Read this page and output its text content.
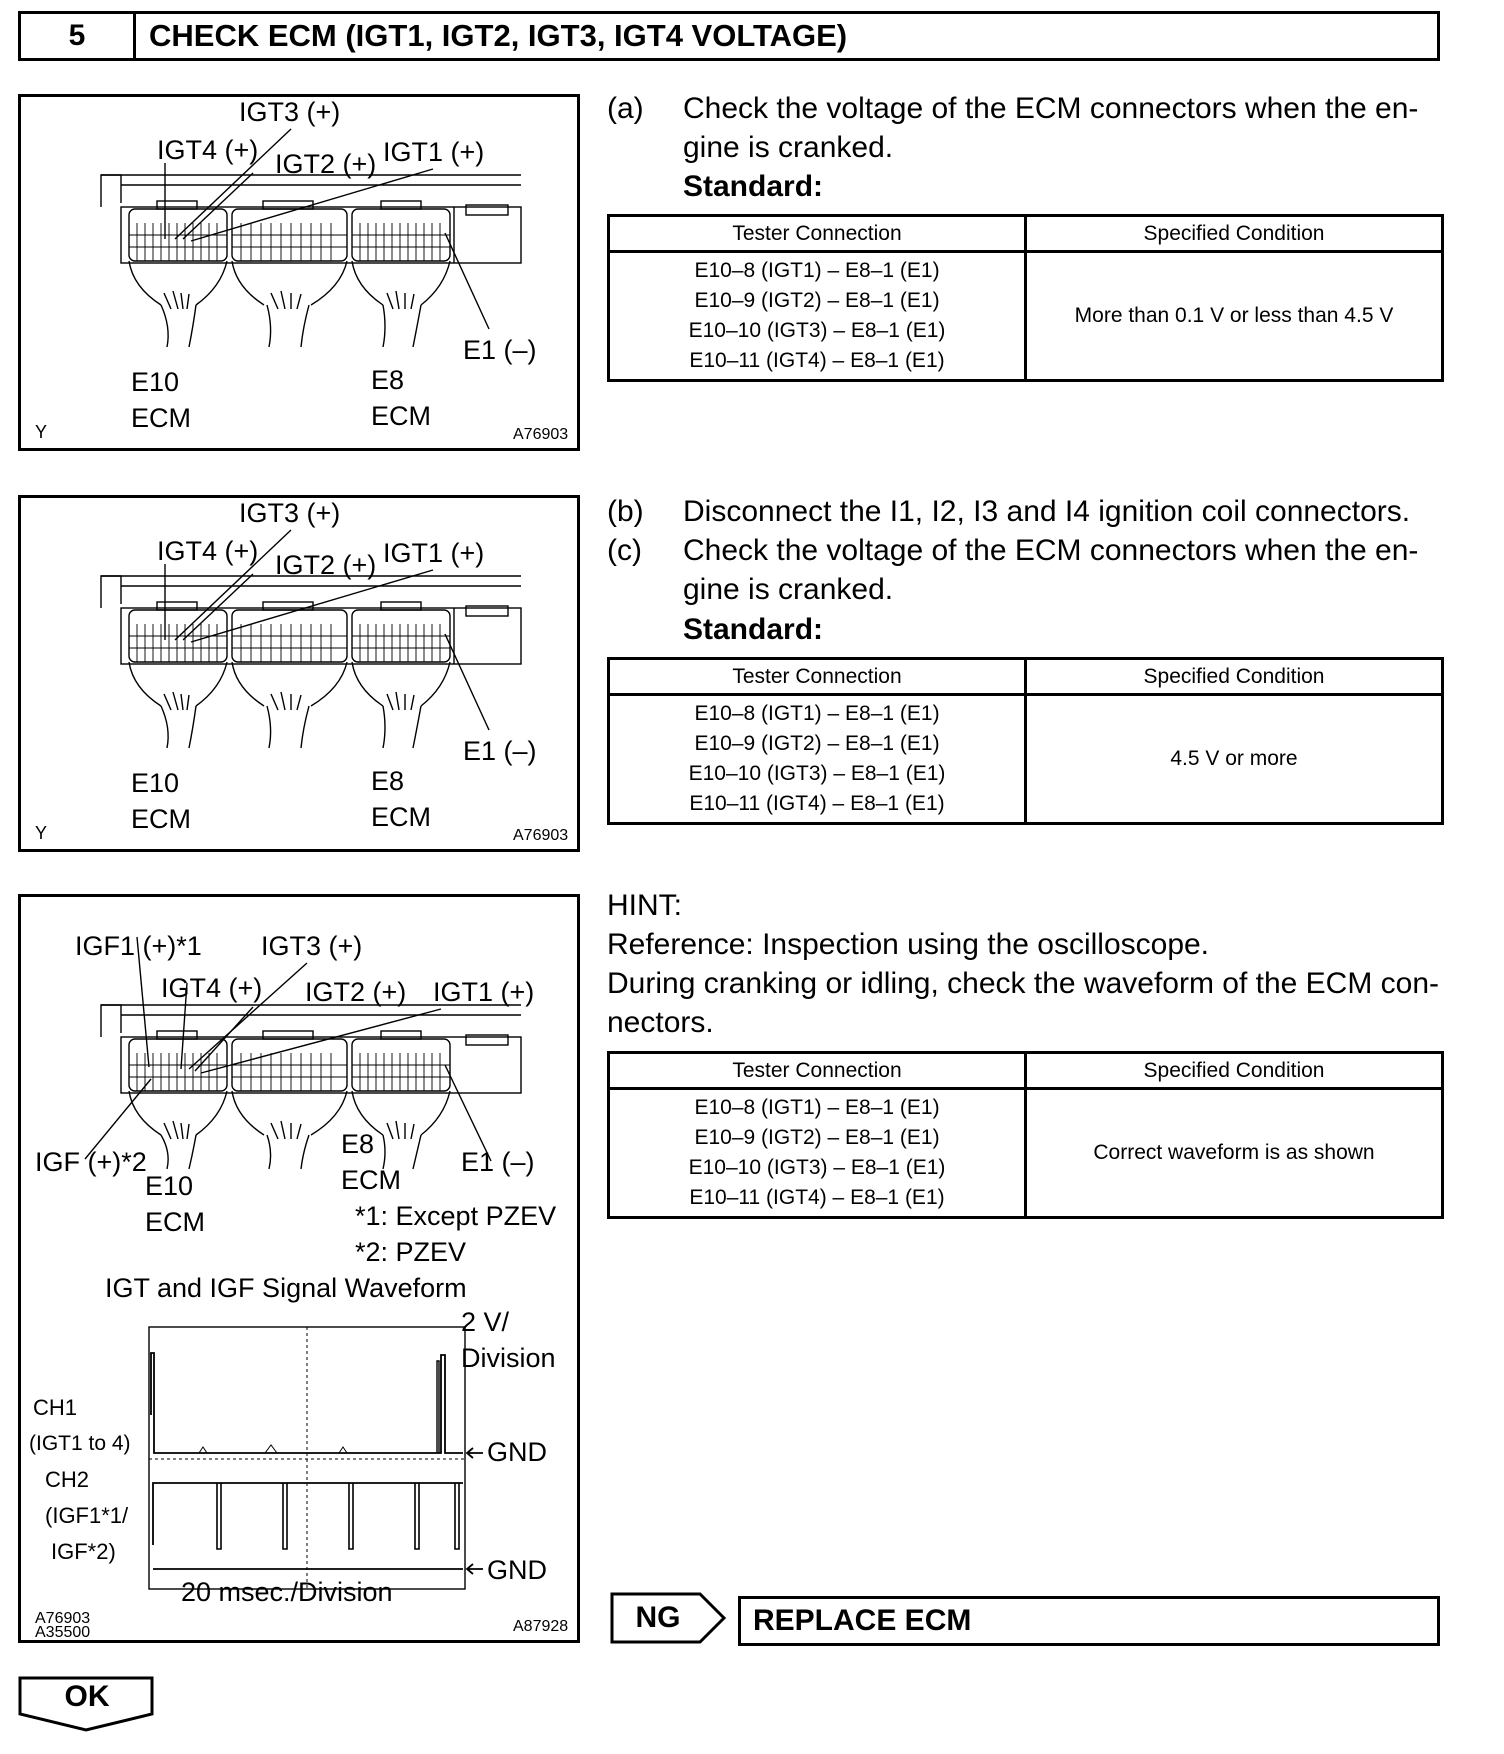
5	CHECK ECM (IGT1, IGT2, IGT3, IGT4 VOLTAGE)
IGT3 (+)
IGT4 (+) IGT2 (+) IGT1 (+)
E1 (–)
E10
ECM
E8
ECM
Y	A76903
(a) Check the voltage of the ECM connectors when the en-
gine is cranked.
Standard:
Tester Connection	Specified Condition

E10–8 (IGT1) – E8–1 (E1)
E10–9 (IGT2) – E8–1 (E1)
E10–10 (IGT3) – E8–1 (E1)
E10–11 (IGT4) – E8–1 (E1)	More than 0.1 V or less than 4.5 V
IGT3 (+)
IGT4 (+) IGT2 (+) IGT1 (+)
E1 (–)
E10
ECM
E8
ECM
Y	A76903
(b) Disconnect the I1, I2, I3 and I4 ignition coil connectors.
(c) Check the voltage of the ECM connectors when the en-
gine is cranked.
Standard:
Tester Connection	Specified Condition

E10–8 (IGT1) – E8–1 (E1)
E10–9 (IGT2) – E8–1 (E1)
E10–10 (IGT3) – E8–1 (E1)
E10–11 (IGT4) – E8–1 (E1)	4.5 V or more
IGF1 (+)*1 IGT3 (+)
IGT4 (+) IGT2 (+) IGT1 (+)
IGF (+)*2
E8
ECM
E1 (–)
E10
ECM	*1: Except PZEV
*2: PZEV
IGT and IGF Signal Waveform
2 V/
Division
CH1
(IGT1 to 4)
CH2
(IGF1*1/
IGF*2)
GND
GND
20 msec./Division
A76903
A35500	A87928
HINT:
Reference: Inspection using the oscilloscope.
During cranking or idling, check the waveform of the ECM con-
nectors.
Tester Connection	Specified Condition

E10–8 (IGT1) – E8–1 (E1)
E10–9 (IGT2) – E8–1 (E1)
E10–10 (IGT3) – E8–1 (E1)
E10–11 (IGT4) – E8–1 (E1)	Correct waveform is as shown
NG	REPLACE ECM
OK
